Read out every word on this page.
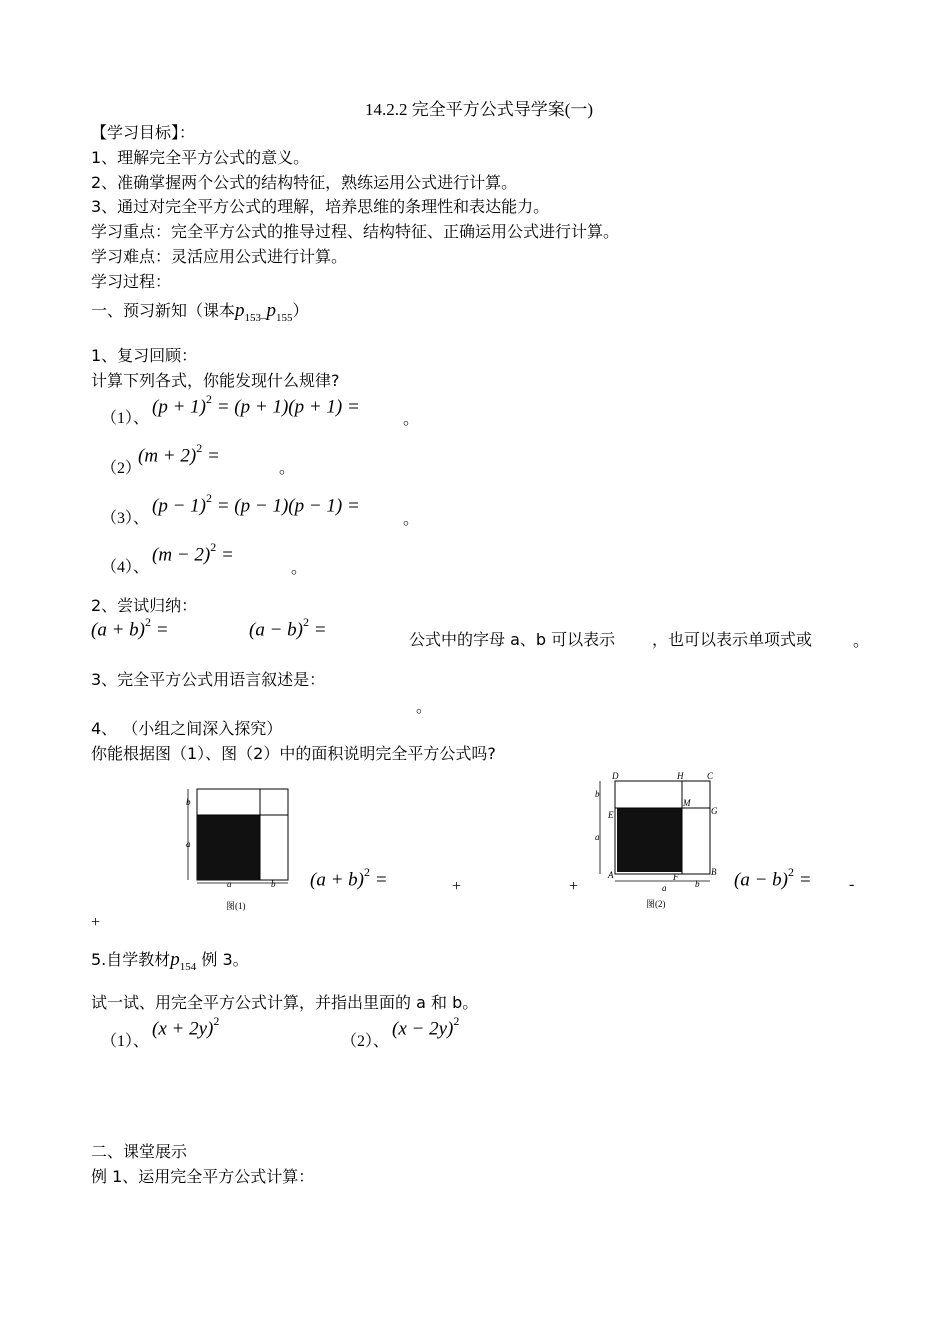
14.2.2 完全平方公式导学案(一)
【学习目标】：
1、理解完全平方公式的意义。
2、准确掌握两个公式的结构特征，熟练运用公式进行计算。
3、通过对完全平方公式的理解，培养思维的条理性和表达能力。
学习重点：完全平方公式的推导过程、结构特征、正确运用公式进行计算。
学习难点：灵活应用公式进行计算。
学习过程：
一、预习新知（课本$p_{153-}p_{155}$）
1、复习回顾：
计算下列各式，你能发现什么规律?
（1）、
$(p + 1)^2 = (p + 1)(p + 1)$ =
。
（2）
$(m + 2)^2$ =
。
（3）、
$(p - 1)^2 = (p - 1)(p - 1)$ =
。
（4）、
$(m - 2)^2$ =
。
2、尝试归纳：
$(a + b)^2$ =	$(a - b)^2$ =	公式中的字母 a、b 可以表示 ，也可以表示单项式或	。
3、完全平方公式用语言叙述是：
。
4、 （小组之间深入探究）
你能根据图（1）、图（2）中的面积说明完全平方公式吗?
b
a
a	b
图(1)
$(a + b)^2$ =	+	+
D	H	C
M
G
E
A	F	B
b
a
a	b
图(2)
$(a - b)^2$ = -
+
5.自学教材$p_{154}$ 例 3。
试一试、用完全平方公式计算，并指出里面的 a 和 b。
（1）、
$(x + 2y)^2$
（2）、
$(x - 2y)^2$
二、课堂展示
例 1、运用完全平方公式计算：
